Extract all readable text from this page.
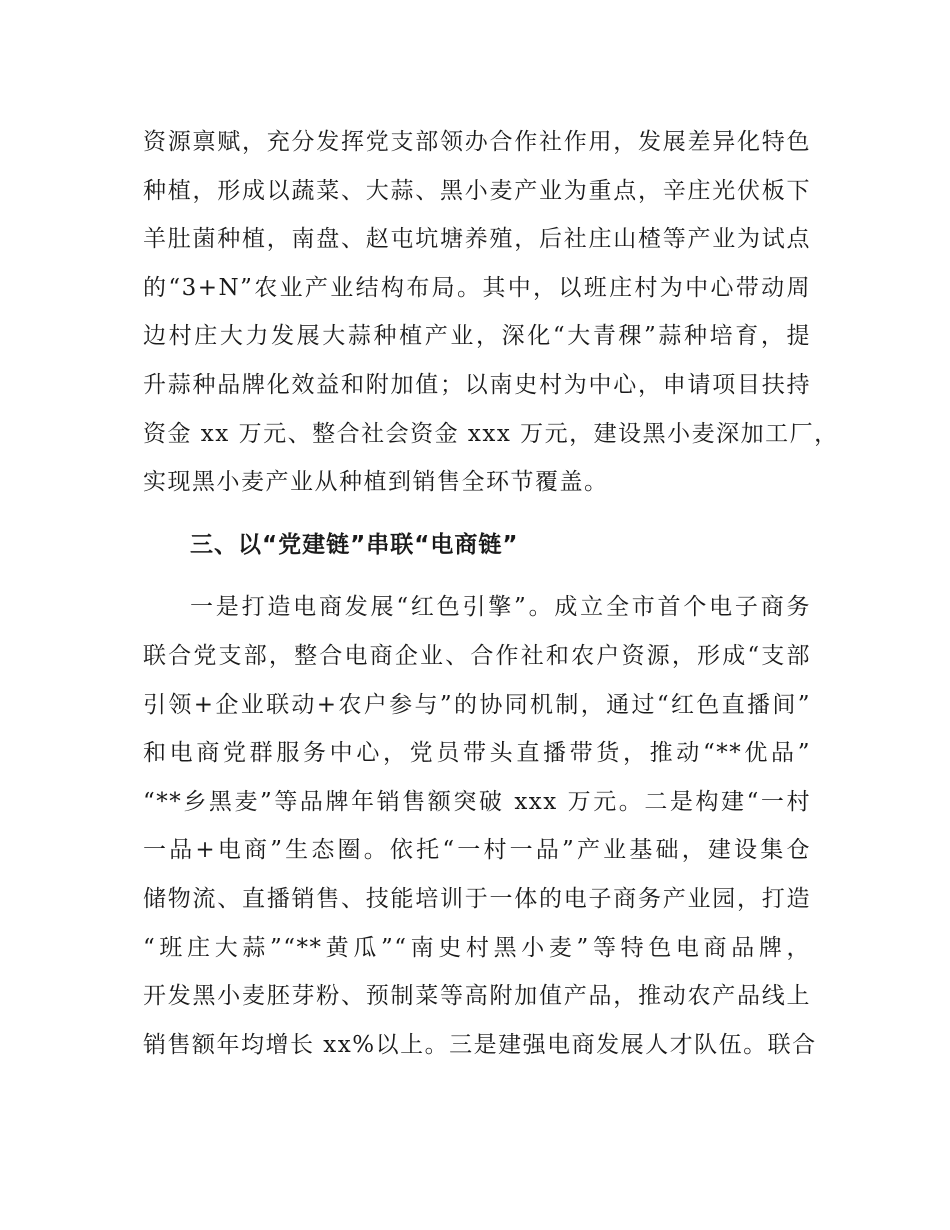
资源禀赋，充分发挥党支部领办合作社作用，发展差异化特色
种植，形成以蔬菜、大蒜、黑小麦产业为重点，辛庄光伏板下
羊肚菌种植，南盘、赵屯坑塘养殖，后社庄山楂等产业为试点
的“3+N”农业产业结构布局。其中，以班庄村为中心带动周
边村庄大力发展大蒜种植产业，深化“大青稞”蒜种培育，提
升蒜种品牌化效益和附加值；以南史村为中心，申请项目扶持
资金 xx 万元、整合社会资金 xxx 万元，建设黑小麦深加工厂，
实现黑小麦产业从种植到销售全环节覆盖。
三、以“党建链”串联“电商链”
一是打造电商发展“红色引擎”。成立全市首个电子商务
联合党支部，整合电商企业、合作社和农户资源，形成“支部
引领+企业联动+农户参与”的协同机制，通过“红色直播间”
和电商党群服务中心，党员带头直播带货，推动“**优品”
“**乡黑麦”等品牌年销售额突破 xxx 万元。二是构建“一村
一品+电商”生态圈。依托“一村一品”产业基础，建设集仓
储物流、直播销售、技能培训于一体的电子商务产业园，打造
“班庄大蒜”“**黄瓜”“南史村黑小麦”等特色电商品牌，
开发黑小麦胚芽粉、预制菜等高附加值产品，推动农产品线上
销售额年均增长 xx%以上。三是建强电商发展人才队伍。联合
